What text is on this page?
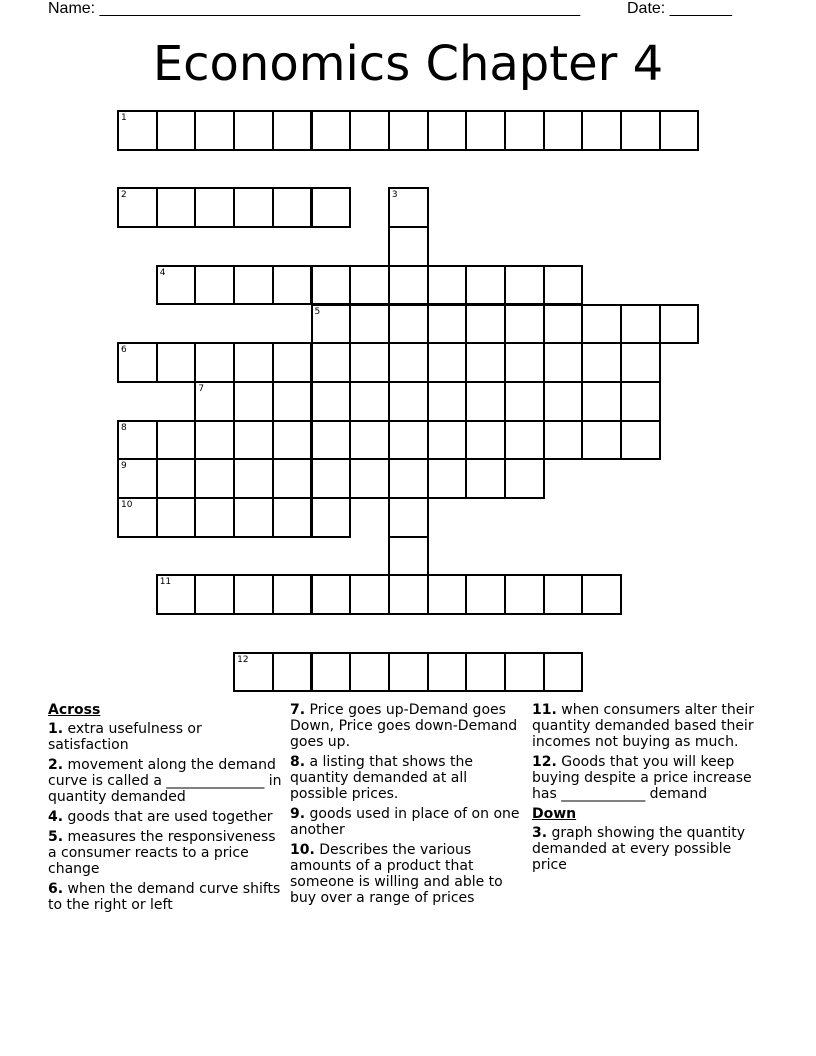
Name: ______________________________________________________	Date: _______
Economics Chapter 4
1
2	3
4
5
6
7
8
9
10
11
12
Across
1. extra usefulness or satisfaction
2. movement along the demand curve is called a ______________ in quantity demanded
4. goods that are used together
5. measures the responsiveness a consumer reacts to a price change
6. when the demand curve shifts to the right or left
7. Price goes up-Demand goes Down, Price goes down-Demand goes up.
8. a listing that shows the quantity demanded at all possible prices.
9. goods used in place of on one another
10. Describes the various amounts of a product that someone is willing and able to buy over a range of prices
11. when consumers alter their quantity demanded based their incomes not buying as much.
12. Goods that you will keep buying despite a price increase has ____________ demand
Down
3. graph showing the quantity demanded at every possible price
